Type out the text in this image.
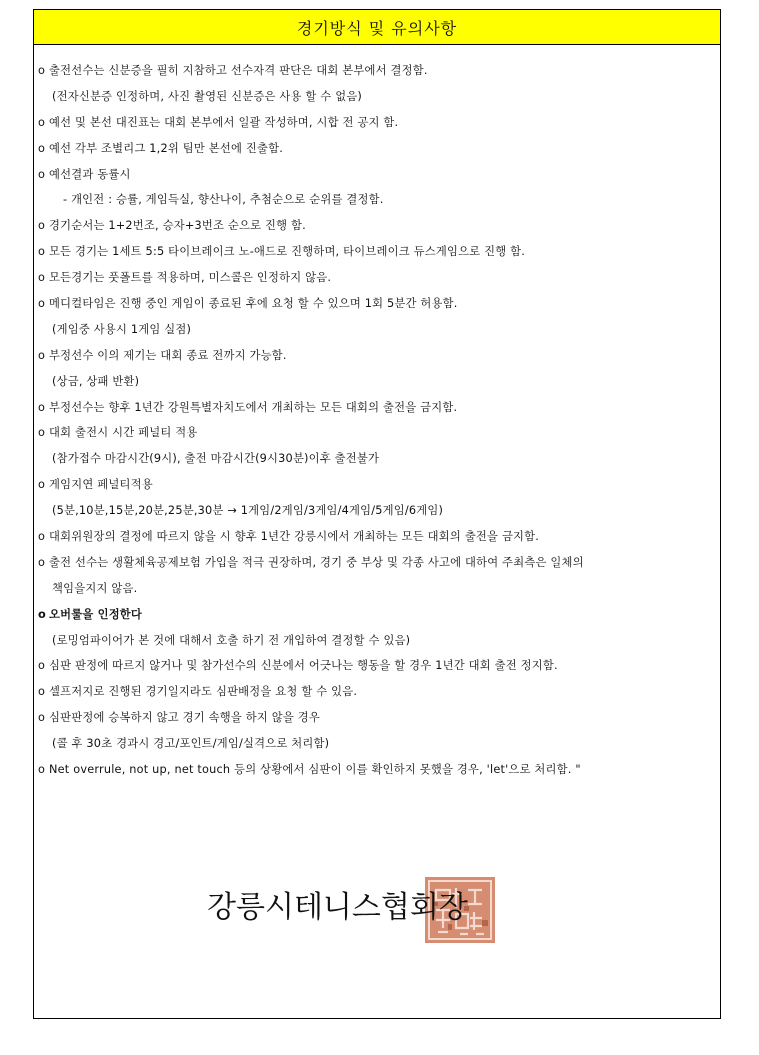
경기방식 및 유의사항
o 출전선수는 신분증을 필히 지참하고 선수자격 판단은 대회 본부에서 결정함.
(전자신분증 인정하며, 사진 촬영된 신분증은 사용 할 수 없음)
o 예선 및 본선 대진표는 대회 본부에서 일괄 작성하며, 시합 전 공지 함.
o 예선 각부 조별리그 1,2위 팀만 본선에 진출함.
o 예선결과 동률시
- 개인전 : 승률, 게임득실, 향산나이, 추첨순으로 순위를 결정함.
o 경기순서는 1+2번조, 승자+3번조 순으로 진행 함.
o 모든 경기는 1세트 5:5 타이브레이크 노-애드로 진행하며, 타이브레이크 듀스게임으로 진행 함.
o 모든경기는 풋폴트를 적용하며, 미스콜은 인정하지 않음.
o 메디컬타임은 진행 중인 게임이 종료된 후에 요청 할 수 있으며 1회 5분간 허용함.
(게임중 사용시 1게임 실점)
o 부정선수 이의 제기는 대회 종료 전까지 가능함.
(상금, 상패 반환)
o 부정선수는 향후 1년간 강원특별자치도에서 개최하는 모든 대회의 출전을 금지함.
o 대회 출전시 시간 페널티 적용
(참가접수 마감시간(9시), 출전 마감시간(9시30분)이후 출전불가
o 게임지연 페널티적용
(5분,10분,15분,20분,25분,30분 → 1게임/2게임/3게임/4게임/5게임/6게임)
o 대회위원장의 결정에 따르지 않을 시 향후 1년간 강릉시에서 개최하는 모든 대회의 출전을 금지함.
o 출전 선수는 생활체육공제보험 가입을 적극 권장하며, 경기 중 부상 및 각종 사고에 대하여 주최측은 일체의
책임을지지 않음.
o 오버룰을 인정한다
(로밍엄파이어가 본 것에 대해서 호출 하기 전 개입하여 결정할 수 있음)
o 심판 판정에 따르지 않거나 및 참가선수의 신분에서 어긋나는 행동을 할 경우 1년간 대회 출전 정지함.
o 셀프저지로 진행된 경기일지라도 심판배정을 요청 할 수 있음.
o 심판판정에 승복하지 않고 경기 속행을 하지 않을 경우
(콜 후 30초 경과시 경고/포인트/게임/실격으로 처리함)
o Net overrule, not up, net touch 등의 상황에서 심판이 이를 확인하지 못했을 경우, 'let'으로 처리함. "
강릉시테니스협회장
